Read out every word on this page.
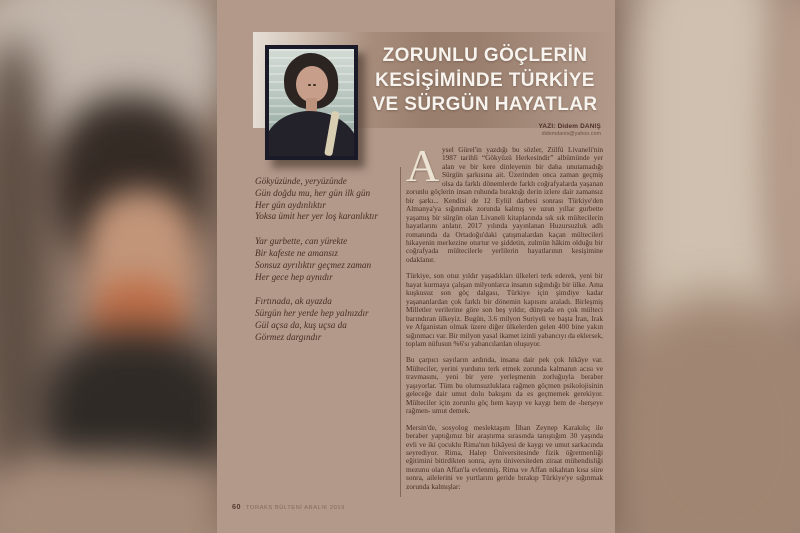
ZORUNLU GÖÇLERİN
KESİŞİMİNDE TÜRKİYE
VE SÜRGÜN HAYATLAR
YAZI: Didem DANIŞ
didemdanis@yahoo.com
Gökyüzünde, yeryüzünde
Gün doğdu mu, her gün ilk gün
Her gün aydınlıktır
Yoksa ümit her yer loş karanlıktır
Yar gurbette, can yürekte
Bir kafeste ne amansız
Sonsuz ayrılıktır geçmez zaman
Her gece hep aynıdır
Fırtınada, ak ayazda
Sürgün her yerde hep yalnızdır
Gül açsa da, kuş uçsa da
Görmez dargındır

Aysel Gürel'in yazdığı bu sözler, Zülfü Livaneli'nin 1987 tarihli “Gökyüzü Herkesindir” albümünde yer alan ve bir kere dinleyenin bir daha unutamadığı Sürgün şarkısına ait. Üzerinden onca zaman geçmiş olsa da farklı dönemlerde farklı coğrafyalarda yaşanan zorunlu göçlerin insan ruhunda bıraktığı derin izlere dair zamansız bir şarkı... Kendisi de 12 Eylül darbesi sonrası Türkiye'den Almanya'ya sığınmak zorunda kalmış ve uzun yıllar gurbette yaşamış bir sürgün olan Livaneli kitaplarında sık sık mültecilerin hayatlarını anlatır. 2017 yılında yayınlanan Huzursuzluk adlı romanında da Ortadoğu'daki çatışmalardan kaçan mültecileri hikayenin merkezine oturtur ve şiddetin, zulmün hâkim olduğu bir coğrafyada mültecilerle yerlilerin hayatlarının kesişimine odaklanır.

Türkiye, son otuz yıldır yaşadıkları ülkeleri terk ederek, yeni bir hayat kurmaya çalışan milyonlarca insanın sığındığı bir ülke. Ama kuşkusuz son göç dalgası, Türkiye için şimdiye kadar yaşananlardan çok farklı bir dönemin kapısını araladı. Birleşmiş Milletler verilerine göre son beş yıldır, dünyada en çok mülteci barındıran ülkeyiz. Bugün, 3.6 milyon Suriyeli ve başta İran, Irak ve Afganistan olmak üzere diğer ülkelerden gelen 400 bine yakın sığınmacı var. Bir milyon yasal ikamet izinli yabancıyı da eklersek, toplam nüfusun %6'sı yabancılardan oluşuyor.

Bu çarpıcı sayıların ardında, insana dair pek çok hikâye var. Mülteciler, yerini yurdunu terk etmek zorunda kalmanın acısı ve travmasını, yeni bir yere yerleşmenin zorluğuyla beraber yaşıyorlar. Tüm bu olumsuzluklara rağmen göçmen psikolojisinin geleceğe dair umut dolu bakışını da es geçmemek gerekiyor. Mülteciler için zorunlu göç hem kayıp ve kaygı hem de -herşeye rağmen- umut demek.

Mersin'de, sosyolog meslektaşım İlhan Zeynep Karakılıç ile beraber yaptığımız bir araştırma sırasında tanıştığım 30 yaşında evli ve iki çocuklu Rima'nın hikâyesi de kaygı ve umut sarkacında seyrediyor. Rima, Halep Üniversitesinde fizik öğretmenliği eğitimini bitirdikten sonra, aynı üniversiteden ziraat mühendisliği mezunu olan Affan'la evlenmiş. Rima ve Affan nikahtan kısa süre sonra, ailelerini ve yurtlarını geride bırakıp Türkiye'ye sığınmak zorunda kalmışlar:

60 TORAKS BÜLTENİ ARALIK 2019
